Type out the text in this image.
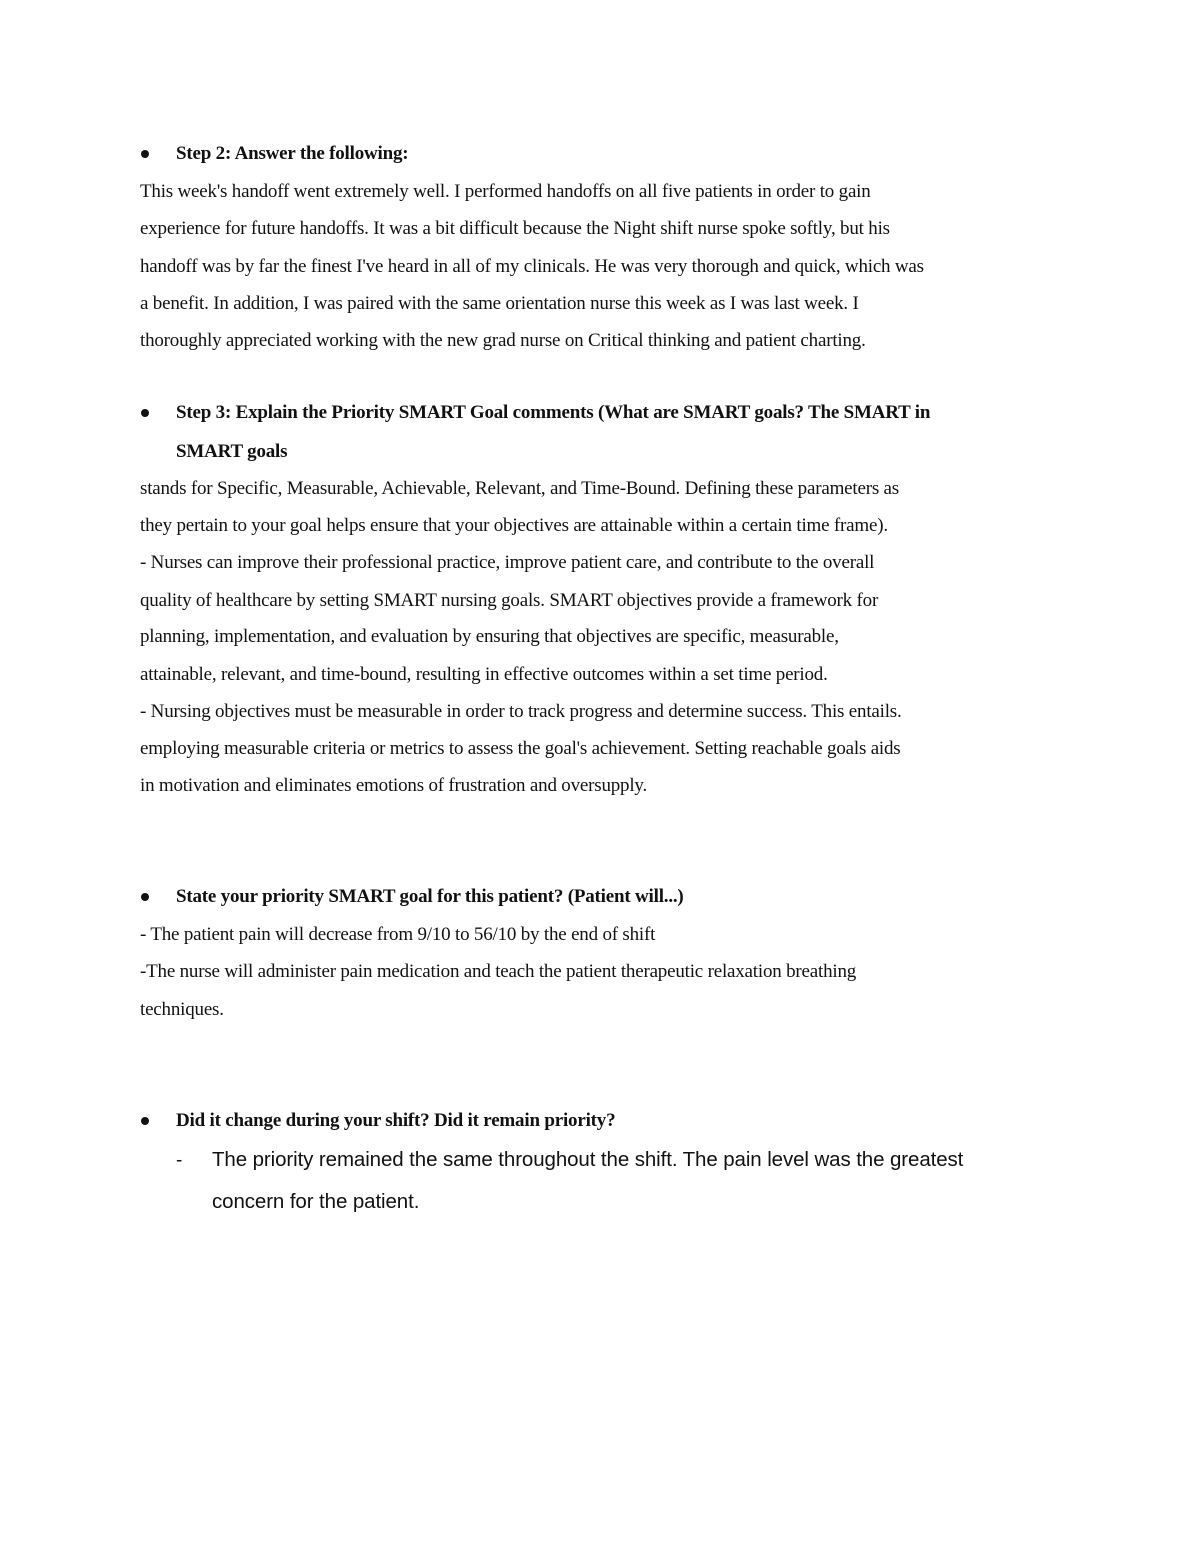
Step 2: Answer the following:
This week's handoff went extremely well. I performed handoffs on all five patients in order to gain
experience for future handoffs. It was a bit difficult because the Night shift nurse spoke softly, but his
handoff was by far the finest I've heard in all of my clinicals. He was very thorough and quick, which was
a benefit. In addition, I was paired with the same orientation nurse this week as I was last week. I
thoroughly appreciated working with the new grad nurse on Critical thinking and patient charting.
Step 3: Explain the Priority SMART Goal comments (What are SMART goals? The SMART in
SMART goals
stands for Specific, Measurable, Achievable, Relevant, and Time-Bound. Defining these parameters as
they pertain to your goal helps ensure that your objectives are attainable within a certain time frame).
- Nurses can improve their professional practice, improve patient care, and contribute to the overall
quality of healthcare by setting SMART nursing goals. SMART objectives provide a framework for
planning, implementation, and evaluation by ensuring that objectives are specific, measurable,
attainable, relevant, and time-bound, resulting in effective outcomes within a set time period.
- Nursing objectives must be measurable in order to track progress and determine success. This entails.
employing measurable criteria or metrics to assess the goal's achievement. Setting reachable goals aids
in motivation and eliminates emotions of frustration and oversupply.
State your priority SMART goal for this patient? (Patient will...)
- The patient pain will decrease from 9/10 to 56/10 by the end of shift
-The nurse will administer pain medication and teach the patient therapeutic relaxation breathing
techniques.
Did it change during your shift? Did it remain priority?
- The priority remained the same throughout the shift. The pain level was the greatest
concern for the patient.
